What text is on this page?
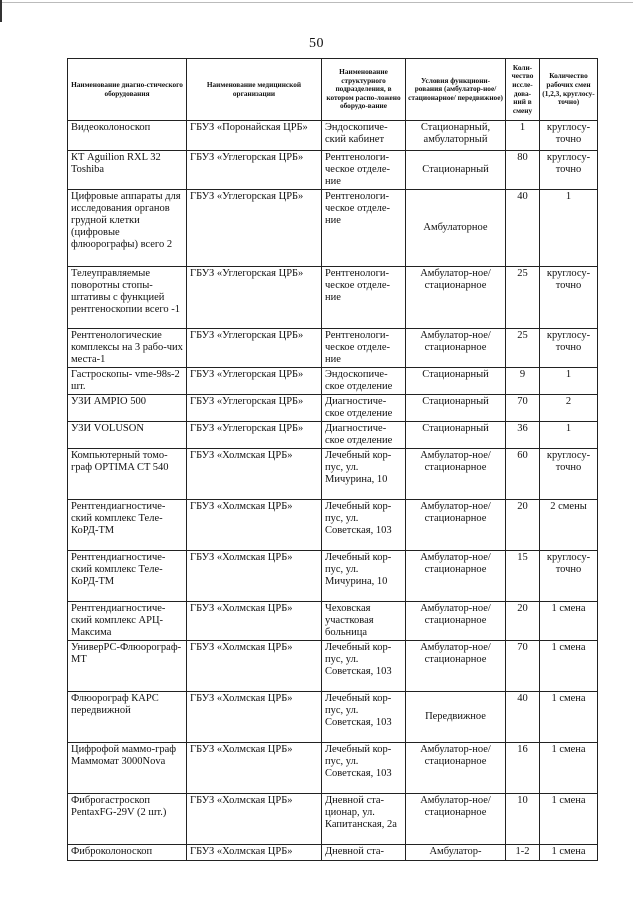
50
Наименование диагно-стического оборудования	Наименование медицинской организации	Наименование структурного подразделения, в котором распо-ложено оборудо-вание	Условия функциони-рования (амбулатор-ное/стационарное/ передвижное)	Коли-чество иссле-дова-ний в смену	Количество рабочих смен (1,2,3, круглосу-точно)
Видеоколоноскоп	ГБУЗ «Поронайская ЦРБ»	Эндоскопиче-ский кабинет	Стационарный, амбулаторный	1	круглосу-точно
КТ Aguilion RXL 32 Toshiba	ГБУЗ «Углегорская ЦРБ»	Рентгенологи-ческое отделе-ние	Стационарный	80	круглосу-точно
Цифровые аппараты для исследования органов грудной клетки (цифровые флюорографы) всего 2	ГБУЗ «Углегорская ЦРБ»	Рентгенологи-ческое отделе-ние	Амбулаторное	40	1
Телеуправляемые поворотны стопы-штативы с функцией рентгеноскопии всего -1	ГБУЗ «Углегорская ЦРБ»	Рентгенологи-ческое отделе-ние	Амбулатор-ное/стационарное	25	круглосу-точно
Рентгенологические комплексы на 3 рабо-чих места-1	ГБУЗ «Углегорская ЦРБ»	Рентгенологи-ческое отделе-ние	Амбулатор-ное/стационарное	25	круглосу-точно
Гастроскопы- vme-98s-2 шт.	ГБУЗ «Углегорская ЦРБ»	Эндоскопиче-ское отделение	Стационарный	9	1
УЗИ AMPIO 500	ГБУЗ «Углегорская ЦРБ»	Диагностиче-ское отделение	Стационарный	70	2
УЗИ VOLUSON	ГБУЗ «Углегорская ЦРБ»	Диагностиче-ское отделение	Стационарный	36	1
Компьютерный томо-граф OPTIMA CT 540	ГБУЗ «Холмская ЦРБ»	Лечебный кор-пус, ул. Мичурина, 10	Амбулатор-ное/стационарное	60	круглосу-точно
Рентгендиагностиче-ский комплекс Теле-КоРД-ТМ	ГБУЗ «Холмская ЦРБ»	Лечебный кор-пус, ул. Советская, 103	Амбулатор-ное/стационарное	20	2 смены
Рентгендиагностиче-ский комплекс Теле-КоРД-ТМ	ГБУЗ «Холмская ЦРБ»	Лечебный кор-пус, ул. Мичурина, 10	Амбулатор-ное/стационарное	15	круглосу-точно
Рентгендиагностиче-ский комплекс АРЦ-Максима	ГБУЗ «Холмская ЦРБ»	Чеховская участковая больница	Амбулатор-ное/стационарное	20	1 смена
УниверРС-Флюорограф-МТ	ГБУЗ «Холмская ЦРБ»	Лечебный кор-пус, ул. Советская, 103	Амбулатор-ное/стационарное	70	1 смена
Флюорограф КАРС передвижной	ГБУЗ «Холмская ЦРБ»	Лечебный кор-пус, ул. Советская, 103	Передвижное	40	1 смена
Цифрофой маммо-граф Маммомат 3000Nova	ГБУЗ «Холмская ЦРБ»	Лечебный кор-пус, ул. Советская, 103	Амбулатор-ное/стационарное	16	1 смена
Фиброгастроскоп PentaxFG-29V (2 шт.)	ГБУЗ «Холмская ЦРБ»	Дневной ста-ционар, ул. Капитанская, 2а	Амбулатор-ное/стационарное	10	1 смена
Фиброколоноскоп	ГБУЗ «Холмская ЦРБ»	Дневной ста-	Амбулатор-	1-2	1 смена
